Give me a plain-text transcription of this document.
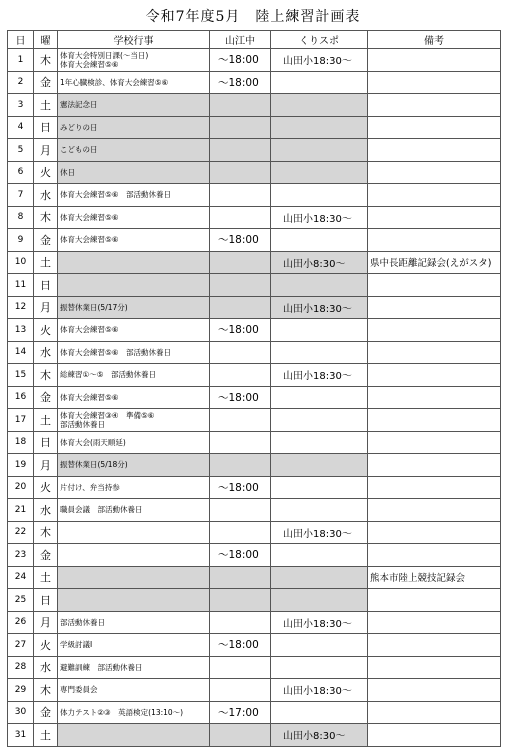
令和7年度5月　陸上練習計画表
日	曜	学校行事	山江中	くりスポ	備考
1	木	体育大会特別日課(～当日)
体育大会練習⑤⑥	～18:00	山田小18:30～	
2	金	1年心臓検診、体育大会練習⑤⑥	～18:00		
3	土	憲法記念日			
4	日	みどりの日			
5	月	こどもの日			
6	火	休日			
7	水	体育大会練習⑤⑥　部活動休養日			
8	木	体育大会練習⑤⑥		山田小18:30～	
9	金	体育大会練習⑤⑥	～18:00		
10	土			山田小8:30～	県中長距離記録会(えがスタ)
11	日				
12	月	振替休業日(5/17分)		山田小18:30～	
13	火	体育大会練習⑤⑥	～18:00		
14	水	体育大会練習⑤⑥　部活動休養日			
15	木	総練習①～⑤　部活動休養日		山田小18:30～	
16	金	体育大会練習⑤⑥	～18:00		
17	土	体育大会練習③④　準備⑤⑥
部活動休養日			
18	日	体育大会(雨天順延)			
19	月	振替休業日(5/18分)			
20	火	片付け、弁当持参	～18:00		
21	水	職員会議　部活動休養日			
22	木			山田小18:30～	
23	金		～18:00		
24	土				熊本市陸上競技記録会
25	日				
26	月	部活動休養日		山田小18:30～	
27	火	学級討議Ⅰ	～18:00		
28	水	避難訓練　部活動休養日			
29	木	専門委員会		山田小18:30～	
30	金	体力テスト②③　英語検定(13:10～)	～17:00		
31	土			山田小8:30～	
